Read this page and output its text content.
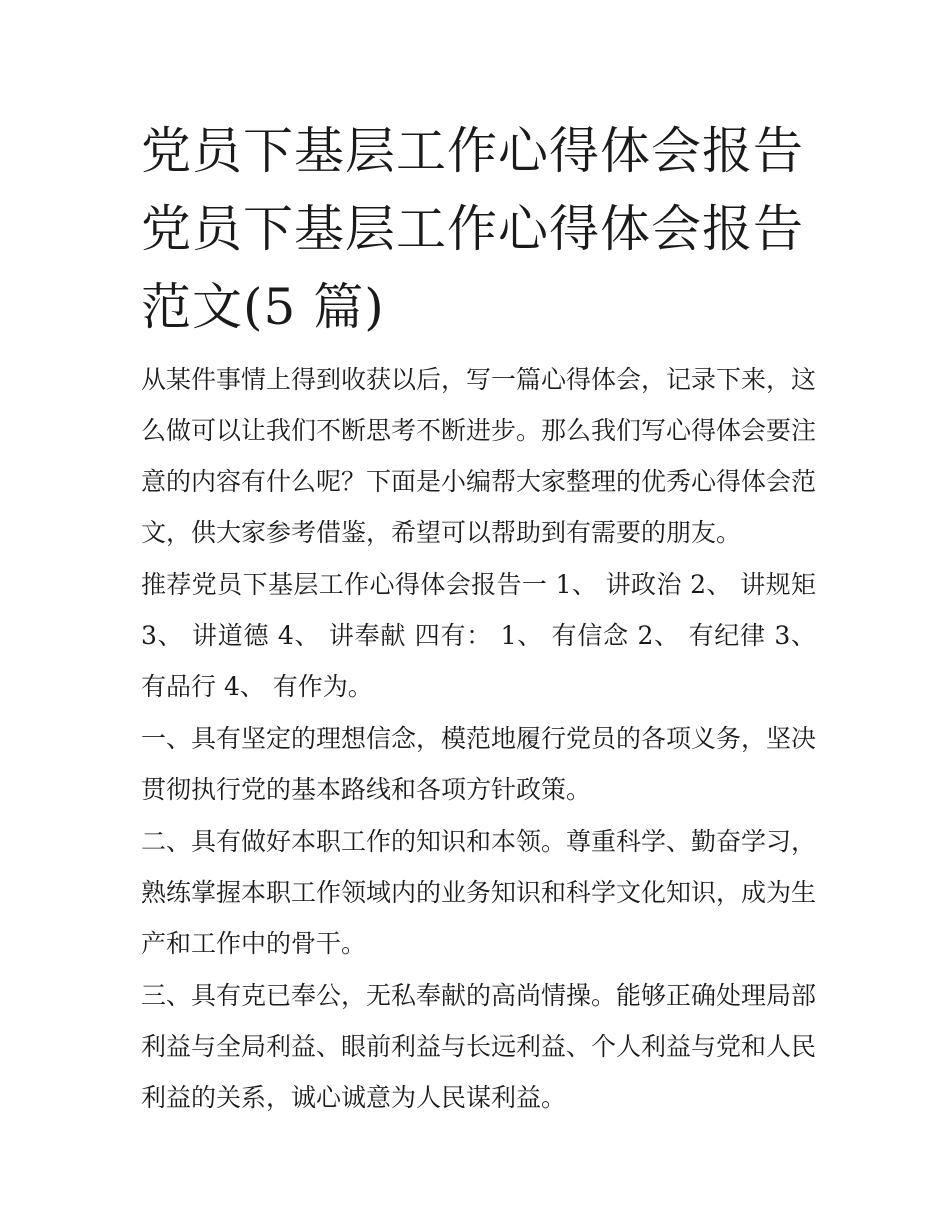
党员下基层工作心得体会报告
党员下基层工作心得体会报告
范文(5 篇)

从某件事情上得到收获以后，写一篇心得体会，记录下来，这么做可以让我们不断思考不断进步。那么我们写心得体会要注意的内容有什么呢？下面是小编帮大家整理的优秀心得体会范文，供大家参考借鉴，希望可以帮助到有需要的朋友。

推荐党员下基层工作心得体会报告一 1、 讲政治 2、 讲规矩 3、 讲道德 4、 讲奉献 四有： 1、 有信念 2、 有纪律 3、 有品行 4、 有作为。

一、具有坚定的理想信念，模范地履行党员的各项义务，坚决贯彻执行党的基本路线和各项方针政策。

二、具有做好本职工作的知识和本领。尊重科学、勤奋学习，熟练掌握本职工作领域内的业务知识和科学文化知识，成为生产和工作中的骨干。

三、具有克已奉公，无私奉献的高尚情操。能够正确处理局部利益与全局利益、眼前利益与长远利益、个人利益与党和人民利益的关系，诚心诚意为人民谋利益。
